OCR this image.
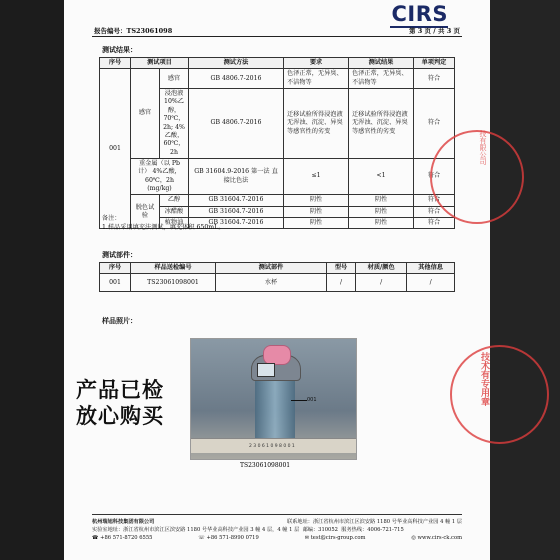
CIRS
报告编号：TS23061098	第 3 页 / 共 3 页
测试结果：
序号	测试项目		测试方法	要求	测试结果	单项判定
001	感官	感官	GB 4806.7-2016	色泽正常，无异臭、不洁物等	色泽正常，无异臭、不洁物等	符合
		浸泡液 10%乙醇，70℃，2h; 4%乙酸，60℃，2h	GB 4806.7-2016	迁移试验所得浸泡液无浑浊、沉淀、异臭等感官性的劣变	迁移试验所得浸泡液无浑浊、沉淀、异臭等感官性的劣变	符合
	重金属（以 Pb 计） 4%乙酸，60℃，2h (mg/kg)		GB 31604.9-2016 第一法 直接比色法	≤1	<1	符合
	脱色试验	乙醇	GB 31604.7-2016	阴性	阴性	符合
		冰醋酸	GB 31604.7-2016	阴性	阴性	符合
		植物油	GB 31604.7-2016	阴性	阴性	符合
备注：
1.样品采用填充法测试，填充体积 650mL。
测试部件：
序号	样品送检编号	测试部件	型号	材质/颜色	其他信息
001	TS23061098001	水杯	/	/	/
样品照片：
杭州瑞旭科技集团有限公司	联系地址：浙江省杭州市滨江区滨安路 1180 号华业高科技产业园 4 幢 1 层
实验室地址：浙江省杭州市滨江区滨安路 1180 号华业高科技产业园 3 幢 4 层，4 幢 1 层 邮编：310052 服务热线：4006-721-715
☎ +86 571-8720 6555	☏ +86 571-8990 0719	✉ test@cirs-group.com	◎ www.cirs-ck.com
001
2 3 0 6 1 0 9 8 0 0 1
TS23061098001
产品已检
放心购买
技有限公司
技术有专用章
